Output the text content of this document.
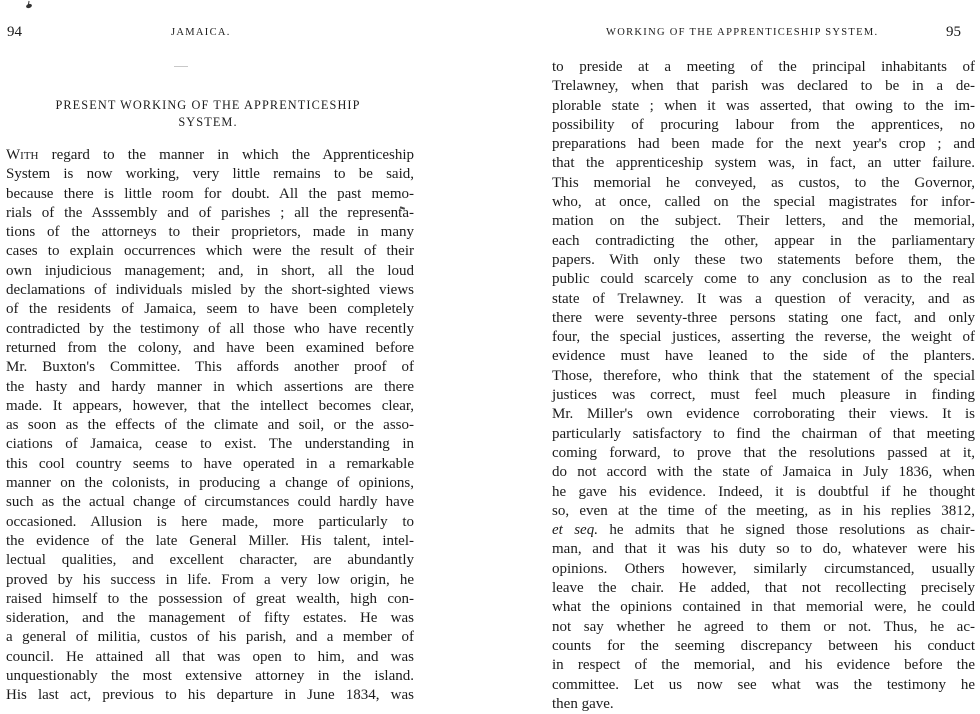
94	JAMAICA.
PRESENT WORKING OF THE APPRENTICESHIP
SYSTEM.
With regard to the manner in which the Apprenticeship
System is now working, very little remains to be said,
because there is little room for doubt. All the past memo-
rials of the Asssembly and of parishes ; all the representa-
tions of the attorneys to their proprietors, made in many
cases to explain occurrences which were the result of their
own injudicious management; and, in short, all the loud
declamations of individuals misled by the short-sighted views
of the residents of Jamaica, seem to have been completely
contradicted by the testimony of all those who have recently
returned from the colony, and have been examined before
Mr. Buxton's Committee. This affords another proof of
the hasty and hardy manner in which assertions are there
made. It appears, however, that the intellect becomes clear,
as soon as the effects of the climate and soil, or the asso-
ciations of Jamaica, cease to exist. The understanding in
this cool country seems to have operated in a remarkable
manner on the colonists, in producing a change of opinions,
such as the actual change of circumstances could hardly have
occasioned. Allusion is here made, more particularly to
the evidence of the late General Miller. His talent, intel-
lectual qualities, and excellent character, are abundantly
proved by his success in life. From a very low origin, he
raised himself to the possession of great wealth, high con-
sideration, and the management of fifty estates. He was
a general of militia, custos of his parish, and a member of
council. He attained all that was open to him, and was
unquestionably the most extensive attorney in the island.
His last act, previous to his departure in June 1834, was
WORKING OF THE APPRENTICESHIP SYSTEM.	95
to preside at a meeting of the principal inhabitants of
Trelawney, when that parish was declared to be in a de-
plorable state ; when it was asserted, that owing to the im-
possibility of procuring labour from the apprentices, no
preparations had been made for the next year's crop ; and
that the apprenticeship system was, in fact, an utter failure.
This memorial he conveyed, as custos, to the Governor,
who, at once, called on the special magistrates for infor-
mation on the subject. Their letters, and the memorial,
each contradicting the other, appear in the parliamentary
papers. With only these two statements before them, the
public could scarcely come to any conclusion as to the real
state of Trelawney. It was a question of veracity, and as
there were seventy-three persons stating one fact, and only
four, the special justices, asserting the reverse, the weight of
evidence must have leaned to the side of the planters.
Those, therefore, who think that the statement of the special
justices was correct, must feel much pleasure in finding
Mr. Miller's own evidence corroborating their views. It is
particularly satisfactory to find the chairman of that meeting
coming forward, to prove that the resolutions passed at it,
do not accord with the state of Jamaica in July 1836, when
he gave his evidence. Indeed, it is doubtful if he thought
so, even at the time of the meeting, as in his replies 3812,
et seq. he admits that he signed those resolutions as chair-
man, and that it was his duty so to do, whatever were his
opinions. Others however, similarly circumstanced, usually
leave the chair. He added, that not recollecting precisely
what the opinions contained in that memorial were, he could
not say whether he agreed to them or not. Thus, he ac-
counts for the seeming discrepancy between his conduct
in respect of the memorial, and his evidence before the
committee. Let us now see what was the testimony he
then gave.
